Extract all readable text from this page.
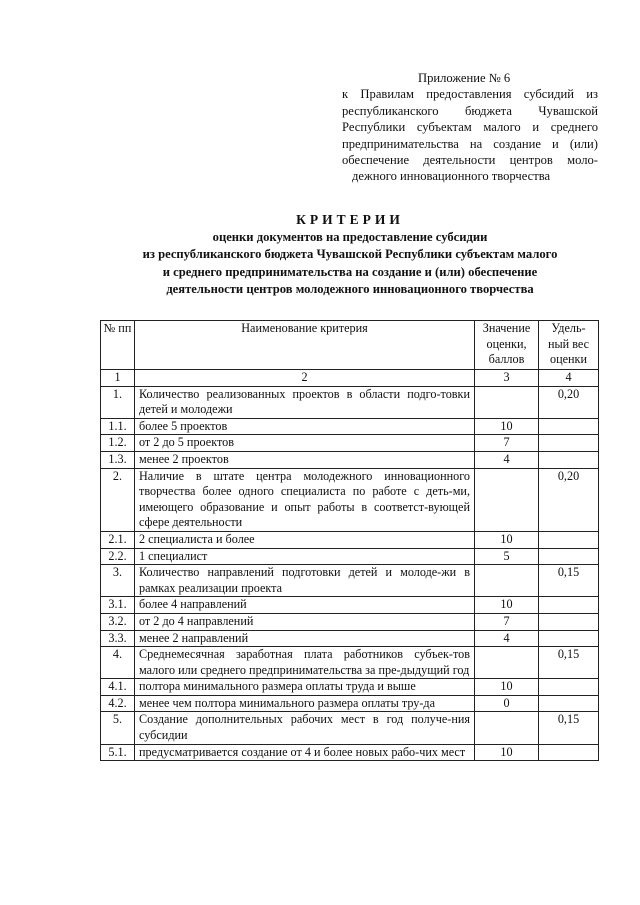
Приложение № 6
к Правилам предоставления субсидий из
республиканского бюджета Чувашской
Республики субъектам малого и среднего
предпринимательства на создание и (или)
обеспечение деятельности центров моло-
дежного инновационного творчества
КРИТЕРИИ
оценки документов на предоставление субсидии
из республиканского бюджета Чувашской Республики субъектам малого
и среднего предпринимательства на создание и (или) обеспечение
деятельности центров молодежного инновационного творчества
№ пп	Наименование критерия	Значение оценки, баллов	Удель-ный вес оценки
1	2	3	4
1.	Количество реализованных проектов в области подго-товки детей и молодежи		0,20
1.1.	более 5 проектов	10	
1.2.	от 2 до 5 проектов	7	
1.3.	менее 2 проектов	4	
2.	Наличие в штате центра молодежного инновационного творчества более одного специалиста по работе с деть-ми, имеющего образование и опыт работы в соответст-вующей сфере деятельности		0,20
2.1.	2 специалиста и более	10	
2.2.	1 специалист	5	
3.	Количество направлений подготовки детей и молоде-жи в рамках реализации проекта		0,15
3.1.	более 4 направлений	10	
3.2.	от 2 до 4 направлений	7	
3.3.	менее 2 направлений	4	
4.	Среднемесячная заработная плата работников субъек-тов малого или среднего предпринимательства за пре-дыдущий год		0,15
4.1.	полтора минимального размера оплаты труда и выше	10	
4.2.	менее чем полтора минимального размера оплаты тру-да	0	
5.	Создание дополнительных рабочих мест в год получе-ния субсидии		0,15
5.1.	предусматривается создание от 4 и более новых рабо-чих мест	10	
